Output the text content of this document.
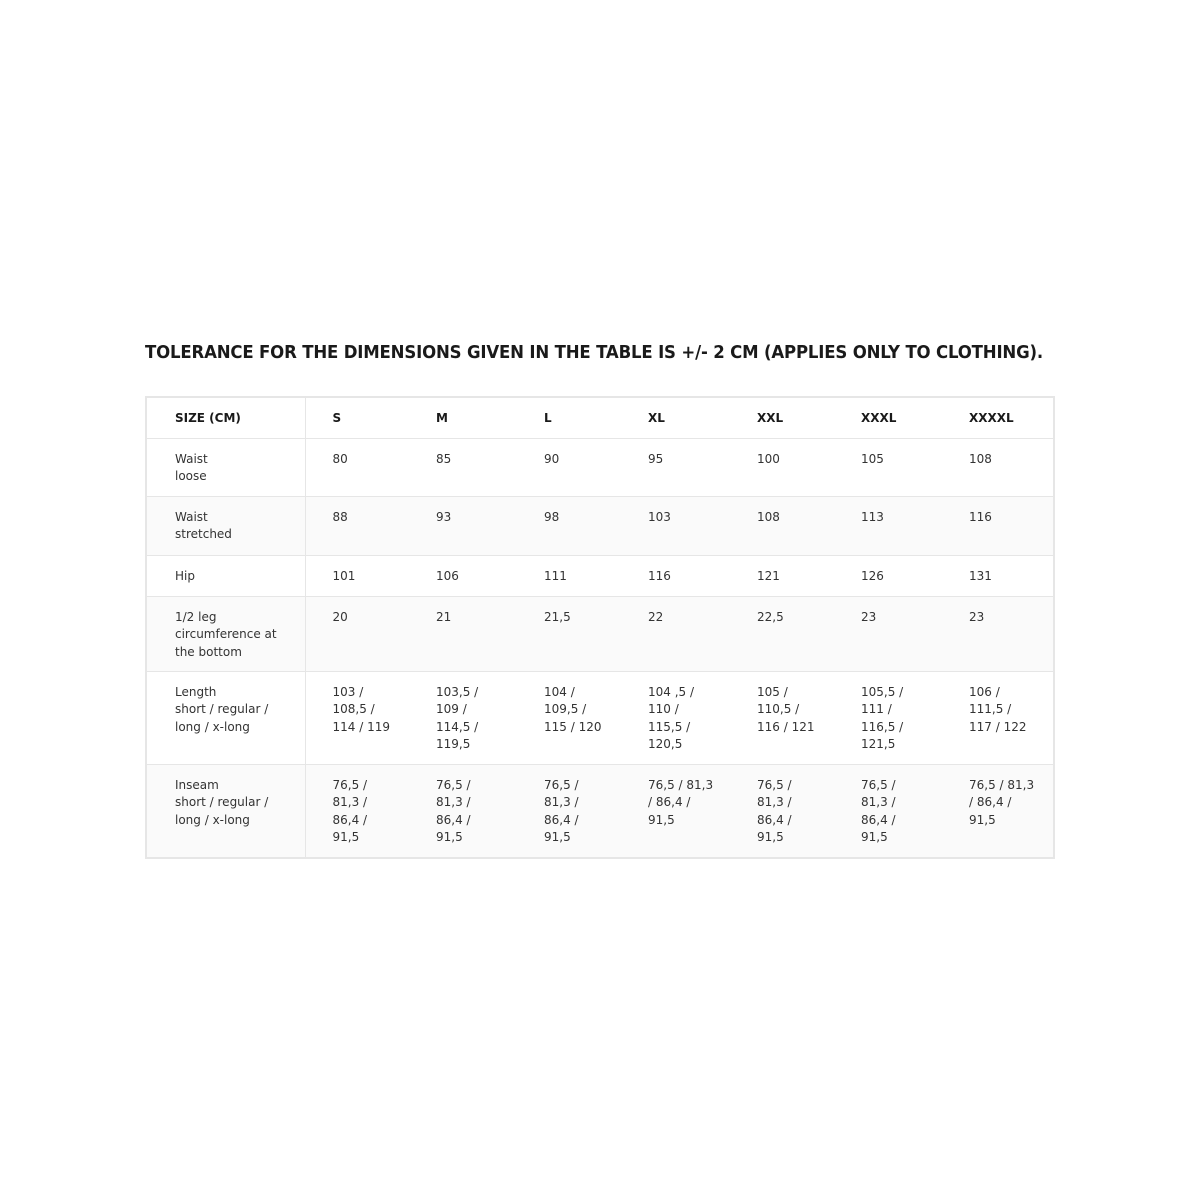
TOLERANCE FOR THE DIMENSIONS GIVEN IN THE TABLE IS +/- 2 CM (APPLIES ONLY TO CLOTHING).
SIZE (CM)	S	M	L	XL	XXL	XXXL	XXXXL
Waist
loose	80	85	90	95	100	105	108
Waist
stretched	88	93	98	103	108	113	116
Hip	101	106	111	116	121	126	131
1/2 leg
circumference at
the bottom	20	21	21,5	22	22,5	23	23
Length
short / regular /
long / x-long	103 /
108,5 /
114 / 119	103,5 /
109 /
114,5 /
119,5	104 /
109,5 /
115 / 120	104 ,5 /
110 /
115,5 /
120,5	105 /
110,5 /
116 / 121	105,5 /
111 /
116,5 /
121,5	106 /
111,5 /
117 / 122
Inseam
short / regular /
long / x-long	76,5 /
81,3 /
86,4 /
91,5	76,5 /
81,3 /
86,4 /
91,5	76,5 /
81,3 /
86,4 /
91,5	76,5 / 81,3
/ 86,4 /
91,5	76,5 /
81,3 /
86,4 /
91,5	76,5 /
81,3 /
86,4 /
91,5	76,5 / 81,3
/ 86,4 /
91,5
